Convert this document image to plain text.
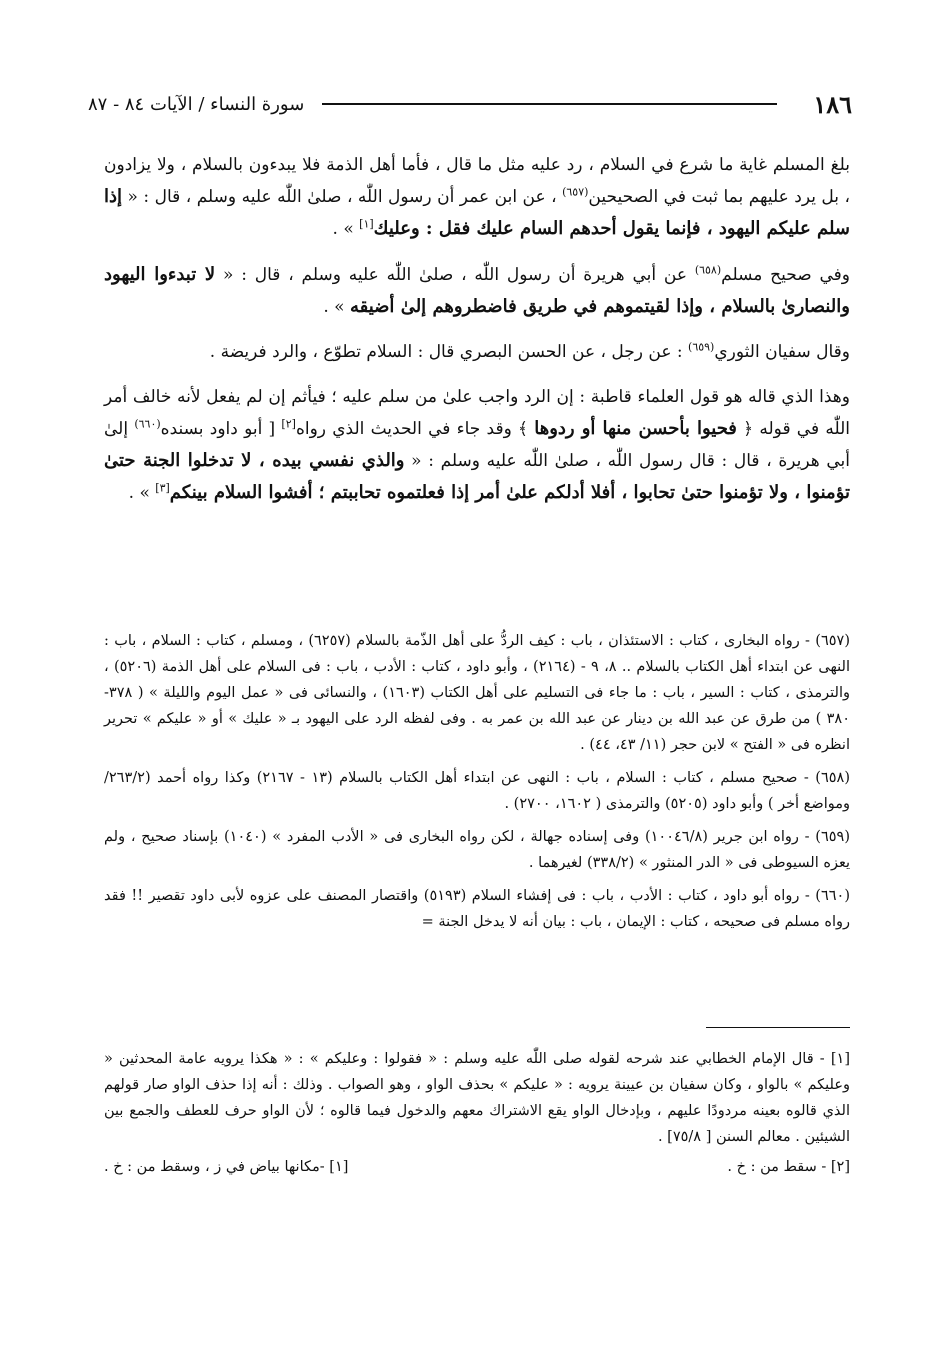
١٨٦
سورة النساء / الآيات ٨٤ - ٨٧

بلغ المسلم غاية ما شرع في السلام ، رد عليه مثل ما قال ، فأما أهل الذمة فلا يبدءون بالسلام ، ولا يزادون ، بل يرد عليهم بما ثبت في الصحيحين$^{(٦٥٧)}$ ، عن ابن عمر أن رسول اللّٰه ، صلىٰ اللّٰه عليه وسلم ، قال : « إذا سلم عليكم اليهود ، فإنما يقول أحدهم السام عليك فقل : وعليك[١] » .

وفي صحيح مسلم$^{(٦٥٨)}$ عن أبي هريرة أن رسول اللّٰه ، صلىٰ اللّٰه عليه وسلم ، قال : « لا تبدءوا اليهود والنصارىٰ بالسلام ، وإذا لقيتموهم في طريق فاضطروهم إلىٰ أضيقه » .

وقال سفيان الثوري$^{(٦٥٩)}$ : عن رجل ، عن الحسن البصري قال : السلام تطوّع ، والرد فريضة .

وهذا الذي قاله هو قول العلماء قاطبة : إن الرد واجب علىٰ من سلم عليه ؛ فيأثم إن لم يفعل لأنه خالف أمر اللّٰه في قوله ﴿ فحيوا بأحسن منها أو ردوها ﴾ وقد جاء في الحديث الذي رواه[٢] [ أبو داود بسنده$^{(٦٦٠)}$ إلىٰ أبي هريرة ، قال : قال رسول اللّٰه ، صلىٰ اللّٰه عليه وسلم : « والذي نفسي بيده ، لا تدخلوا الجنة حتىٰ تؤمنوا ، ولا تؤمنوا حتىٰ تحابوا ، أفلا أدلكم علىٰ أمر إذا فعلتموه تحاببتم ؛ أفشوا السلام بينكم[٣] » .

(٦٥٧) - رواه البخارى ، كتاب : الاستئذان ، باب : كيف الردُّ على أهل الذّمة بالسلام (٦٢٥٧) ، ومسلم ، كتاب : السلام ، باب : النهى عن ابتداء أهل الكتاب بالسلام .. ٨، ٩ - (٢١٦٤) ، وأبو داود ، كتاب : الأدب ، باب : فى السلام على أهل الذمة (٥٢٠٦) ، والترمذى ، كتاب : السير ، باب : ما جاء فى التسليم على أهل الكتاب (١٦٠٣) ، والنسائى فى « عمل اليوم والليلة » ( ٣٧٨- ٣٨٠ ) من طرق عن عبد الله بن دينار عن عبد الله بن عمر به . وفى لفظه الرد على اليهود بـ « عليك » أو « عليكم » تحرير انظره فى « الفتح » لابن حجر (١١/ ٤٣، ٤٤) .

(٦٥٨) - صحيح مسلم ، كتاب : السلام ، باب : النهى عن ابتداء أهل الكتاب بالسلام (١٣ - ٢١٦٧) وكذا رواه أحمد (٢٦٣/٢/ ومواضع أخر ) وأبو داود (٥٢٠٥) والترمذى ( ١٦٠٢، ٢٧٠٠) .

(٦٥٩) - رواه ابن جرير (١٠٠٤٦/٨) وفى إسناده جهالة ، لكن رواه البخارى فى « الأدب المفرد » (١٠٤٠) بإسناد صحيح ، ولم يعزه السيوطى فى « الدر المنثور » (٣٣٨/٢) لغيرهما .

(٦٦٠) - رواه أبو داود ، كتاب : الأدب ، باب : فى إفشاء السلام (٥١٩٣) واقتصار المصنف على عزوه لأبى داود تقصير !! فقد رواه مسلم فى صحيحه ، كتاب : الإيمان ، باب : بيان أنه لا يدخل الجنة =

[١] - قال الإمام الخطابي عند شرحه لقوله صلى اللّٰه عليه وسلم : « فقولوا : وعليكم » : « هكذا يرويه عامة المحدثين « وعليكم » بالواو ، وكان سفيان بن عيينة يرويه : « عليكم » بحذف الواو ، وهو الصواب . وذلك : أنه إذا حذف الواو صار قولهم الذي قالوه بعينه مردودًا عليهم ، وبإدخال الواو يقع الاشتراك معهم والدخول فيما قالوه ؛ لأن الواو حرف للعطف والجمع بين الشيئين . معالم السنن [ ٧٥/٨] .

[٢] - سقط من : خ .
[١] -مكانها بياض في ز ، وسقط من : خ .
